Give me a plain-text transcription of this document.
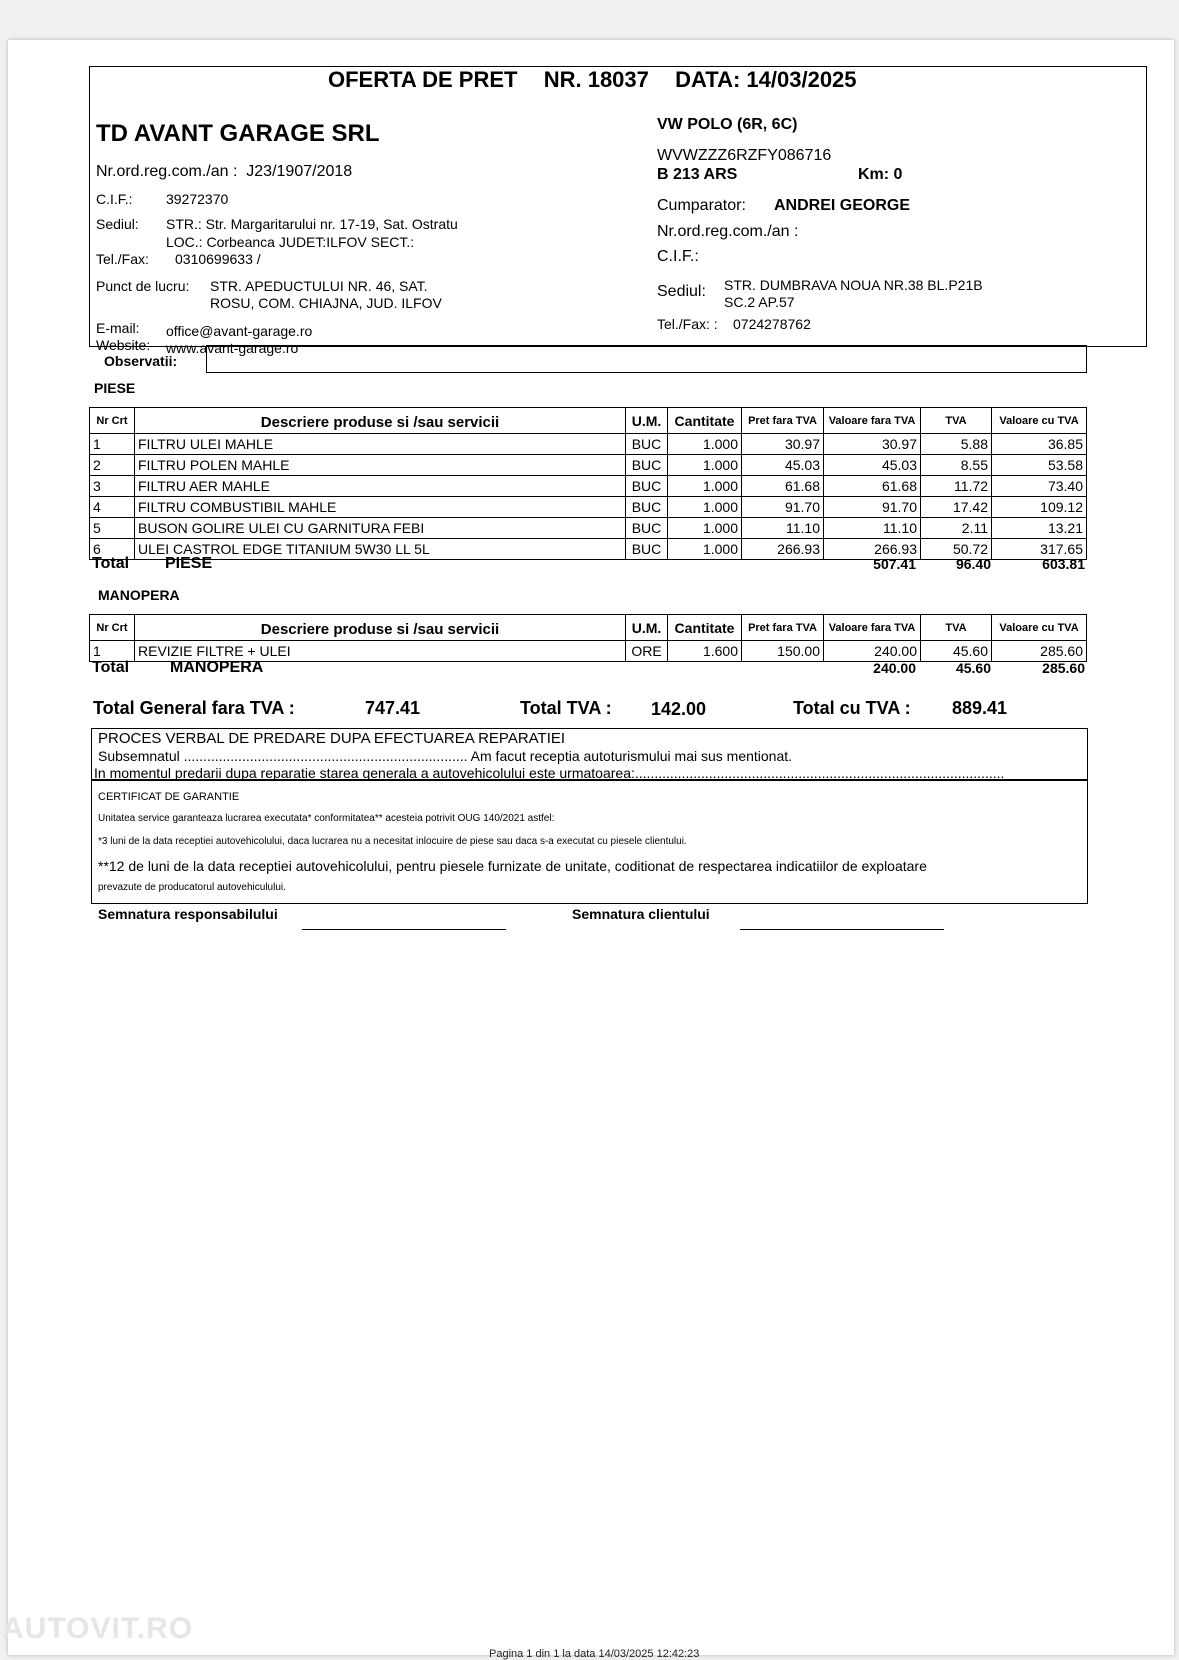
OFERTA DE PRET NR. 18037 DATA: 14/03/2025
TD AVANT GARAGE SRL
Nr.ord.reg.com./an : J23/1907/2018
C.I.F.: 39272370
Sediul: STR.: Str. Margaritarului nr. 17-19, Sat. Ostratu
LOC.: Corbeanca JUDET:ILFOV SECT.:
Tel./Fax: 0310699633 /
Punct de lucru: STR. APEDUCTULUI NR. 46, SAT.
ROSU, COM. CHIAJNA, JUD. ILFOV
E-mail: office@avant-garage.ro
Website: www.avant-garage.ro
VW POLO (6R, 6C)
WVWZZZ6RZFY086716
B 213 ARS	Km: 0
Cumparator: ANDREI GEORGE
Nr.ord.reg.com./an :
C.I.F.:
Sediul: STR. DUMBRAVA NOUA NR.38 BL.P21B
SC.2 AP.57
Tel./Fax: : 0724278762
Observatii:
PIESE
Nr Crt	Descriere produse si /sau servicii	U.M.	Cantitate	Pret fara TVA	Valoare fara TVA	TVA	Valoare cu TVA
1	FILTRU ULEI MAHLE	BUC	1.000	30.97	30.97	5.88	36.85
2	FILTRU POLEN MAHLE	BUC	1.000	45.03	45.03	8.55	53.58
3	FILTRU AER MAHLE	BUC	1.000	61.68	61.68	11.72	73.40
4	FILTRU COMBUSTIBIL MAHLE	BUC	1.000	91.70	91.70	17.42	109.12
5	BUSON GOLIRE ULEI CU GARNITURA FEBI	BUC	1.000	11.10	11.10	2.11	13.21
6	ULEI CASTROL EDGE TITANIUM 5W30 LL 5L	BUC	1.000	266.93	266.93	50.72	317.65
Total PIESE	507.41	96.40	603.81
MANOPERA
Nr Crt	Descriere produse si /sau servicii	U.M.	Cantitate	Pret fara TVA	Valoare fara TVA	TVA	Valoare cu TVA
1	REVIZIE FILTRE + ULEI	ORE	1.600	150.00	240.00	45.60	285.60
Total	MANOPERA	240.00	45.60	285.60
Total General fara TVA :	747.41	Total TVA : 142.00	Total cu TVA : 889.41
PROCES VERBAL DE PREDARE DUPA EFECTUAREA REPARATIEI
Subsemnatul ......................................................................... Am facut receptia autoturismului mai sus mentionat.
In momentul predarii dupa reparatie starea generala a autovehicolului este urmatoarea:...............................................................................................
CERTIFICAT DE GARANTIE
Unitatea service garanteaza lucrarea executata* conformitatea** acesteia potrivit OUG 140/2021 astfel:
*3 luni de la data receptiei autovehicolului, daca lucrarea nu a necesitat inlocuire de piese sau daca s-a executat cu piesele clientului.
**12 de luni de la data receptiei autovehicolului, pentru piesele furnizate de unitate, coditionat de respectarea indicatiilor de exploatare
prevazute de producatorul autovehiculului.
Semnatura responsabilului	Semnatura clientului
AUTOVIT.RO
Pagina 1 din 1 la data 14/03/2025 12:42:23
